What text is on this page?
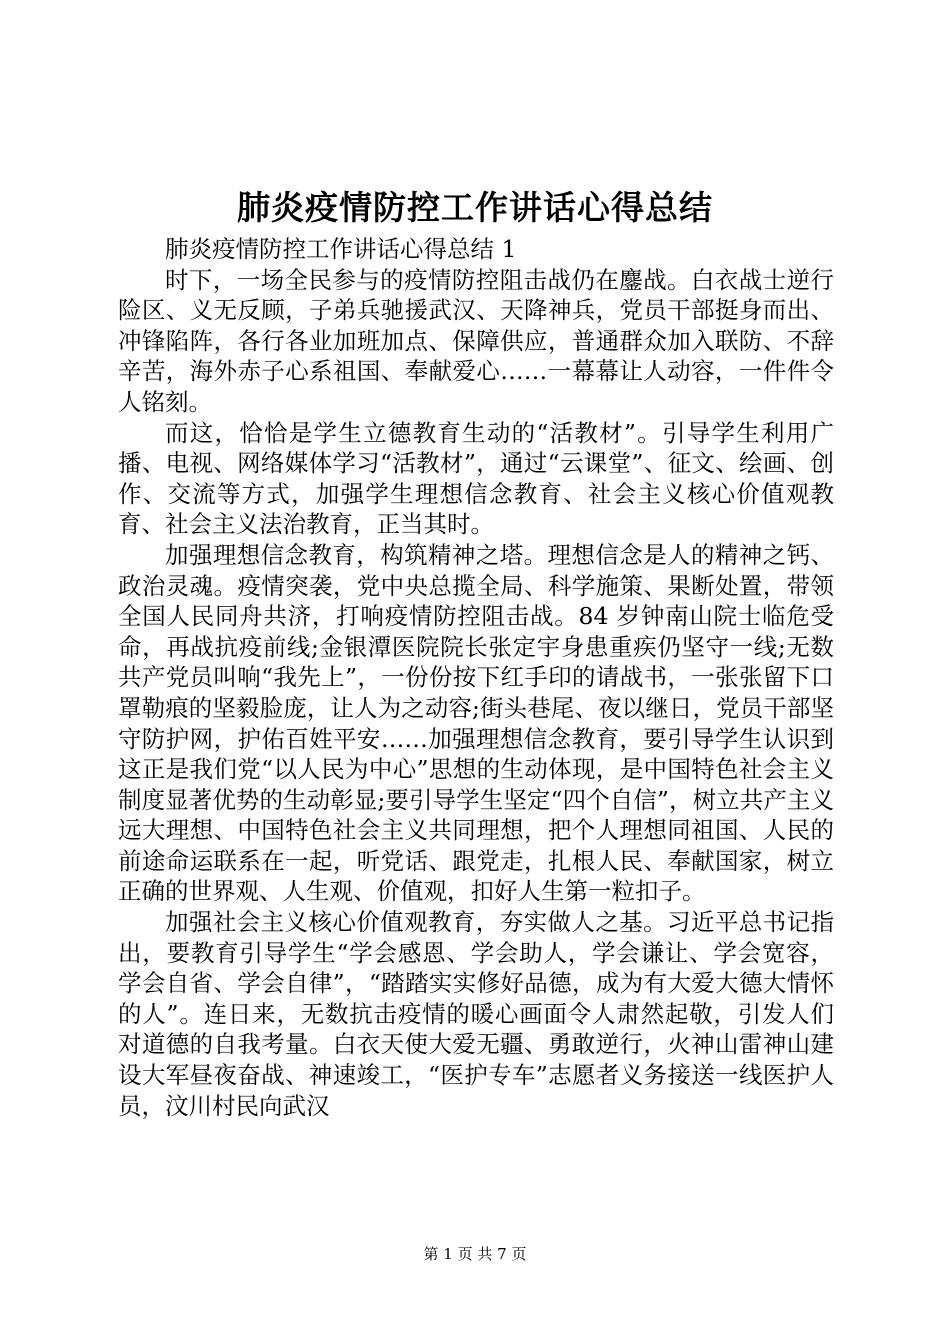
肺炎疫情防控工作讲话心得总结

肺炎疫情防控工作讲话心得总结 1

时下，一场全民参与的疫情防控阻击战仍在鏖战。白衣战士逆行险区、义无反顾，子弟兵驰援武汉、天降神兵，党员干部挺身而出、冲锋陷阵，各行各业加班加点、保障供应，普通群众加入联防、不辞辛苦，海外赤子心系祖国、奉献爱心……一幕幕让人动容，一件件令人铭刻。

而这，恰恰是学生立德教育生动的“活教材”。引导学生利用广播、电视、网络媒体学习“活教材”，通过“云课堂”、征文、绘画、创作、交流等方式，加强学生理想信念教育、社会主义核心价值观教育、社会主义法治教育，正当其时。

加强理想信念教育，构筑精神之塔。理想信念是人的精神之钙、政治灵魂。疫情突袭，党中央总揽全局、科学施策、果断处置，带领全国人民同舟共济，打响疫情防控阻击战。84 岁钟南山院士临危受命，再战抗疫前线;金银潭医院院长张定宇身患重疾仍坚守一线;无数共产党员叫响“我先上”，一份份按下红手印的请战书，一张张留下口罩勒痕的坚毅脸庞，让人为之动容;街头巷尾、夜以继日，党员干部坚守防护网，护佑百姓平安……加强理想信念教育，要引导学生认识到这正是我们党“以人民为中心”思想的生动体现，是中国特色社会主义制度显著优势的生动彰显;要引导学生坚定“四个自信”，树立共产主义远大理想、中国特色社会主义共同理想，把个人理想同祖国、人民的前途命运联系在一起，听党话、跟党走，扎根人民、奉献国家，树立正确的世界观、人生观、价值观，扣好人生第一粒扣子。

加强社会主义核心价值观教育，夯实做人之基。习近平总书记指出，要教育引导学生“学会感恩、学会助人，学会谦让、学会宽容，学会自省、学会自律”，“踏踏实实修好品德，成为有大爱大德大情怀的人”。连日来，无数抗击疫情的暖心画面令人肃然起敬，引发人们对道德的自我考量。白衣天使大爱无疆、勇敢逆行，火神山雷神山建设大军昼夜奋战、神速竣工，“医护专车”志愿者义务接送一线医护人员，汶川村民向武汉

第 1 页 共 7 页
